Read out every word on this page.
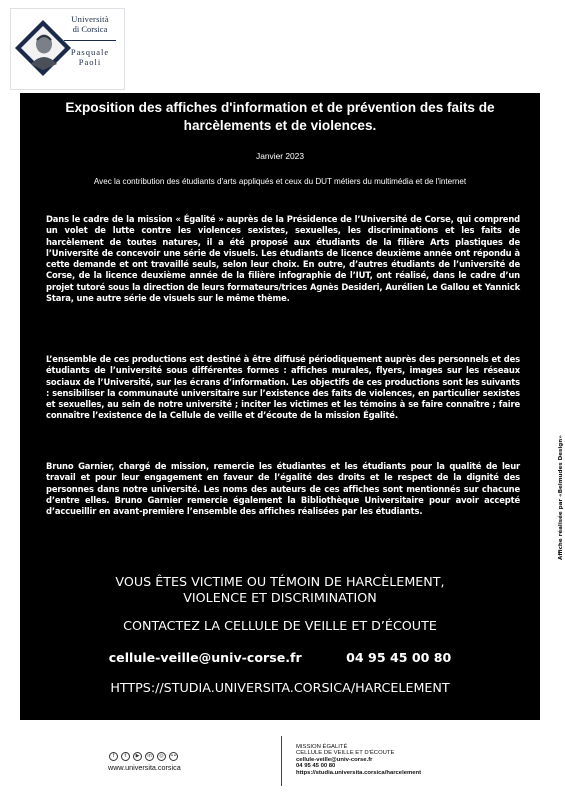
Università
di Corsica
Pasquale
Paoli
Exposition des affiches d'information et de prévention des faits de harcèlements et de violences.
Janvier 2023
Avec la contribution des étudiants d'arts appliqués et ceux du DUT métiers du multimédia et de l'internet

Dans le cadre de la mission « Égalité » auprès de la Présidence de l’Université de Corse, qui comprend un volet de lutte contre les violences sexistes, sexuelles, les discriminations et les faits de harcèlement de toutes natures, il a été proposé aux étudiants de la filière Arts plastiques de l’Université de concevoir une série de visuels. Les étudiants de licence deuxième année ont répondu à cette demande et ont travaillé seuls, selon leur choix. En outre, d’autres étudiants de l’université de Corse, de la licence deuxième année de la filière infographie de l’IUT, ont réalisé, dans le cadre d’un projet tutoré sous la direction de leurs formateurs/trices Agnès Desideri, Aurélien Le Gallou et Yannick Stara, une autre série de visuels sur le même thème.

L’ensemble de ces productions est destiné à être diffusé périodiquement auprès des personnels et des étudiants de l’université sous différentes formes : affiches murales, flyers, images sur les réseaux sociaux de l’Université, sur les écrans d’information. Les objectifs de ces productions sont les suivants : sensibiliser la communauté universitaire sur l’existence des faits de violences, en particulier sexistes et sexuelles, au sein de notre université ; inciter les victimes et les témoins à se faire connaître ; faire connaître l’existence de la Cellule de veille et d’écoute de la mission Égalité.

Bruno Garnier, chargé de mission, remercie les étudiantes et les étudiants pour la qualité de leur travail et pour leur engagement en faveur de l’égalité des droits et le respect de la dignité des personnes dans notre université. Les noms des auteurs de ces affiches sont mentionnés sur chacune d’entre elles. Bruno Garnier remercie également la Bibliothèque Universitaire pour avoir accepté d’accueillir en avant-première l’ensemble des affiches réalisées par les étudiants.

VOUS ÊTES VICTIME OU TÉMOIN DE HARCÈLEMENT,
VIOLENCE ET DISCRIMINATION
CONTACTEZ LA CELLULE DE VEILLE ET D’ÉCOUTE
cellule-veille@univ-corse.fr	04 95 45 00 80
HTTPS://STUDIA.UNIVERSITA.CORSICA/HARCELEMENT
Affiche réalisée par «Belmudes Design»
f	t	▶	in	◎	••
www.universita.corsica
MISSION ÉGALITÉ
CELLULE DE VEILLE ET D’ÉCOUTE
cellule-veille@univ-corse.fr
04 95 45 00 80
https://studia.universita.corsica/harcelement
